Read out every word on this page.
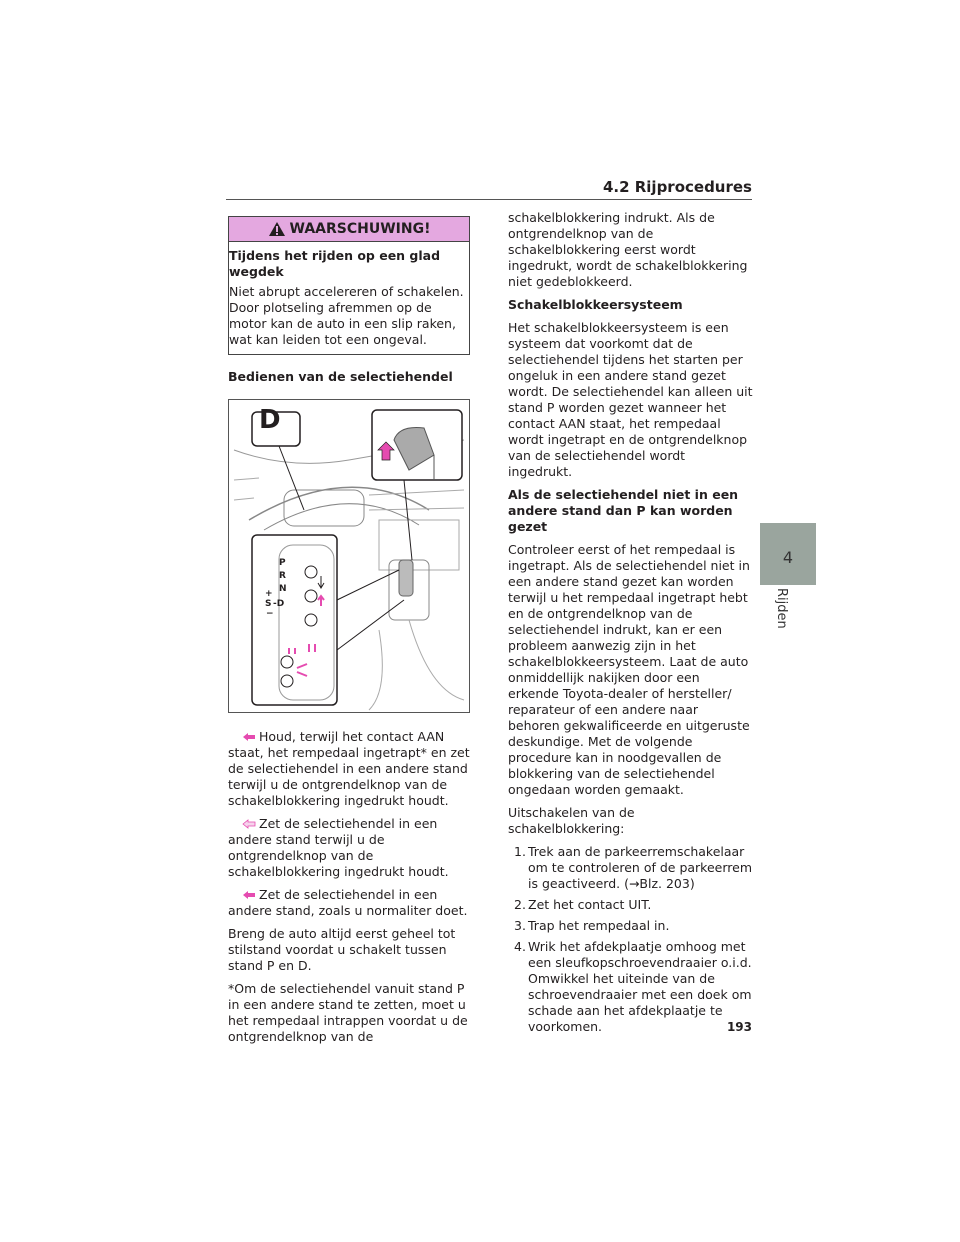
4.2 Rijprocedures
4
Rijden
WAARSCHUWING!
Tijdens het rijden op een glad wegdek
Niet abrupt accelereren of schakelen. Door plotseling afremmen op de motor kan de auto in een slip raken, wat kan leiden tot een ongeval.

Bedienen van de selectiehendel

D
P
R
N
+
S -D
−

Houd, terwijl het contact AAN staat, het rempedaal ingetrapt* en zet de selectiehendel in een andere stand terwijl u de ontgrendelknop van de schakelblokkering ingedrukt houdt.

Zet de selectiehendel in een andere stand terwijl u de ontgrendelknop van de schakelblokkering ingedrukt houdt.

Zet de selectiehendel in een andere stand, zoals u normaliter doet.

Breng de auto altijd eerst geheel tot stilstand voordat u schakelt tussen stand P en D.

*Om de selectiehendel vanuit stand P in een andere stand te zetten, moet u het rempedaal intrappen voordat u de ontgrendelknop van de

schakelblokkering indrukt. Als de ontgrendelknop van de schakelblokkering eerst wordt ingedrukt, wordt de schakelblokkering niet gedeblokkeerd.

Schakelblokkeersysteem

Het schakelblokkeersysteem is een systeem dat voorkomt dat de selectiehendel tijdens het starten per ongeluk in een andere stand gezet wordt. De selectiehendel kan alleen uit stand P worden gezet wanneer het contact AAN staat, het rempedaal wordt ingetrapt en de ontgrendelknop van de selectiehendel wordt ingedrukt.

Als de selectiehendel niet in een andere stand dan P kan worden gezet

Controleer eerst of het rempedaal is ingetrapt. Als de selectiehendel niet in een andere stand gezet kan worden terwijl u het rempedaal ingetrapt hebt en de ontgrendelknop van de selectiehendel indrukt, kan er een probleem aanwezig zijn in het schakelblokkeersysteem. Laat de auto onmiddellijk nakijken door een erkende Toyota-dealer of hersteller/ reparateur of een andere naar behoren gekwalificeerde en uitgeruste deskundige. Met de volgende procedure kan in noodgevallen de blokkering van de selectiehendel ongedaan worden gemaakt.

Uitschakelen van de schakelblokkering:

1. Trek aan de parkeerremschakelaar om te controleren of de parkeerrem is geactiveerd. (→Blz. 203)
2. Zet het contact UIT.
3. Trap het rempedaal in.
4. Wrik het afdekplaatje omhoog met een sleufkopschroevendraaier o.i.d. Omwikkel het uiteinde van de schroevendraaier met een doek om schade aan het afdekplaatje te voorkomen.	193
